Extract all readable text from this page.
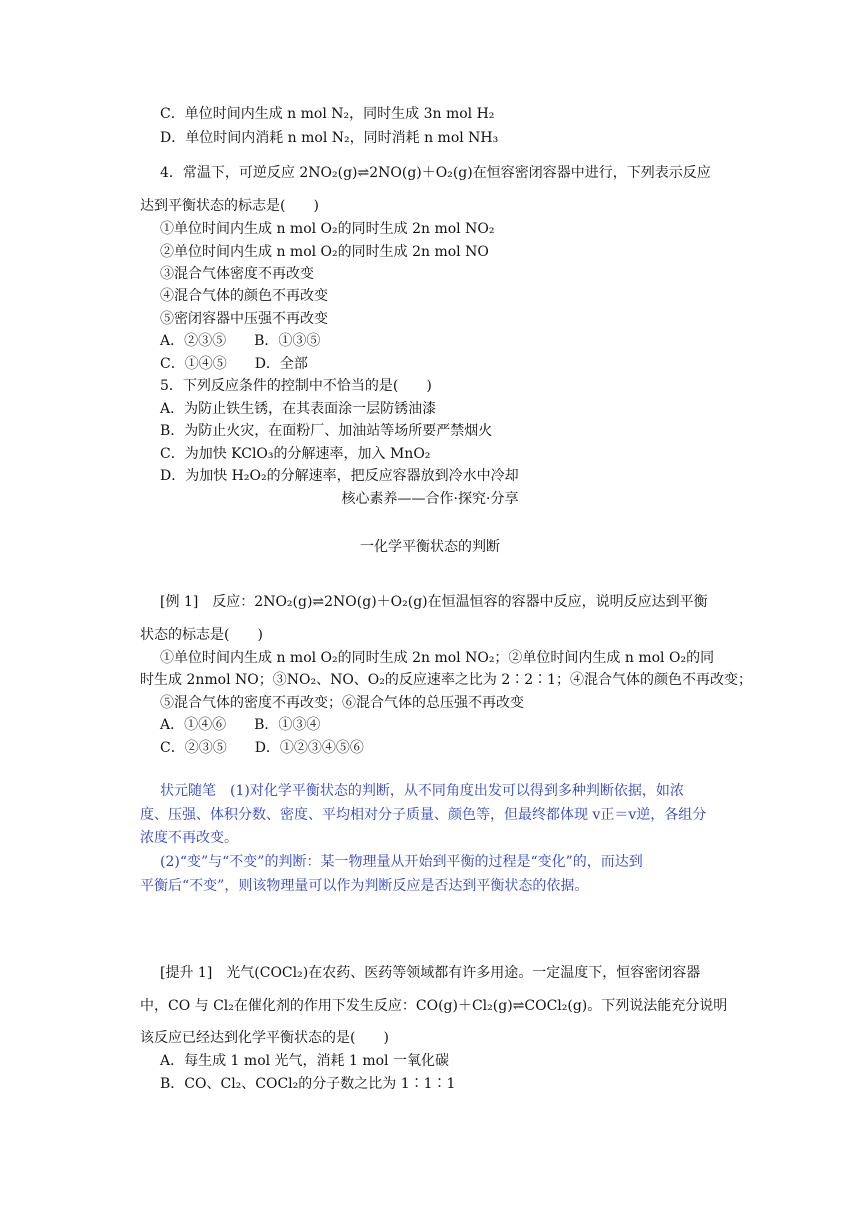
C．单位时间内生成 n mol N₂，同时生成 3n mol H₂
D．单位时间内消耗 n mol N₂，同时消耗 n mol NH₃
4．常温下，可逆反应 2NO₂(g)⇌2NO(g)＋O₂(g)在恒容密闭容器中进行，下列表示反应
达到平衡状态的标志是(　　)
①单位时间内生成 n mol O₂的同时生成 2n mol NO₂
②单位时间内生成 n mol O₂的同时生成 2n mol NO
③混合气体密度不再改变
④混合气体的颜色不再改变
⑤密闭容器中压强不再改变
A．②③⑤　　B．①③⑤
C．①④⑤　　D．全部
5．下列反应条件的控制中不恰当的是(　　)
A．为防止铁生锈，在其表面涂一层防锈油漆
B．为防止火灾，在面粉厂、加油站等场所要严禁烟火
C．为加快 KClO₃的分解速率，加入 MnO₂
D．为加快 H₂O₂的分解速率，把反应容器放到冷水中冷却
核心素养——合作·探究·分享
一化学平衡状态的判断
[例 1]　反应：2NO₂(g)⇌2NO(g)＋O₂(g)在恒温恒容的容器中反应，说明反应达到平衡
状态的标志是(　　)
①单位时间内生成 n mol O₂的同时生成 2n mol NO₂；②单位时间内生成 n mol O₂的同
时生成 2nmol NO；③NO₂、NO、O₂的反应速率之比为 2∶2∶1；④混合气体的颜色不再改变；
⑤混合气体的密度不再改变；⑥混合气体的总压强不再改变
A．①④⑥　　B．①③④
C．②③⑤　　D．①②③④⑤⑥
状元随笔　(1)对化学平衡状态的判断，从不同角度出发可以得到多种判断依据，如浓
度、压强、体积分数、密度、平均相对分子质量、颜色等，但最终都体现 v正＝v逆，各组分
浓度不再改变。
(2)“变”与“不变”的判断：某一物理量从开始到平衡的过程是“变化”的，而达到
平衡后“不变”，则该物理量可以作为判断反应是否达到平衡状态的依据。
[提升 1]　光气(COCl₂)在农药、医药等领域都有许多用途。一定温度下，恒容密闭容器
中，CO 与 Cl₂在催化剂的作用下发生反应：CO(g)＋Cl₂(g)⇌COCl₂(g)。下列说法能充分说明
该反应已经达到化学平衡状态的是(　　)
A．每生成 1 mol 光气，消耗 1 mol 一氧化碳
B．CO、Cl₂、COCl₂的分子数之比为 1∶1∶1
